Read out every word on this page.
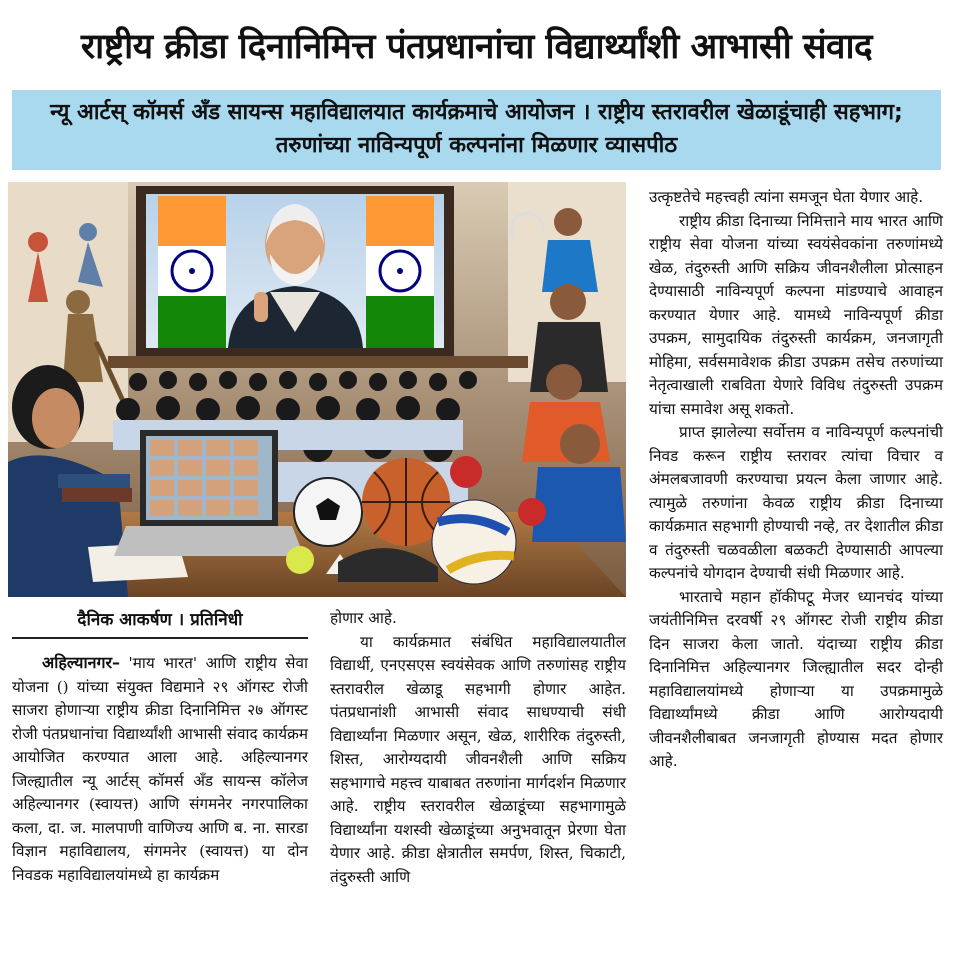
राष्ट्रीय क्रीडा दिनानिमित्त पंतप्रधानांचा विद्यार्थ्यांशी आभासी संवाद
न्यू आर्टस् कॉमर्स अँड सायन्स महाविद्यालयात कार्यक्रमाचे आयोजन । राष्ट्रीय स्तरावरील खेळाडूंचाही सहभाग; तरुणांच्या नाविन्यपूर्ण कल्पनांना मिळणार व्यासपीठ
दैनिक आकर्षण । प्रतिनिधी

अहिल्यानगर– 'माय भारत' आणि राष्ट्रीय सेवा योजना () यांच्या संयुक्त विद्यमाने २९ ऑगस्ट रोजी साजरा होणाऱ्या राष्ट्रीय क्रीडा दिनानिमित्त २७ ऑगस्ट रोजी पंतप्रधानांचा विद्यार्थ्यांशी आभासी संवाद कार्यक्रम आयोजित करण्यात आला आहे. अहिल्यानगर जिल्ह्यातील न्यू आर्टस् कॉमर्स अँड सायन्स कॉलेज अहिल्यानगर (स्वायत्त) आणि संगमनेर नगरपालिका कला, दा. ज. मालपाणी वाणिज्य आणि ब. ना. सारडा विज्ञान महाविद्यालय, संगमनेर (स्वायत्त) या दोन निवडक महाविद्यालयांमध्ये हा कार्यक्रम

होणार आहे.

या कार्यक्रमात संबंधित महाविद्यालयातील विद्यार्थी, एनएसएस स्वयंसेवक आणि तरुणांसह राष्ट्रीय स्तरावरील खेळाडू सहभागी होणार आहेत. पंतप्रधानांशी आभासी संवाद साधण्याची संधी विद्यार्थ्यांना मिळणार असून, खेळ, शारीरिक तंदुरुस्ती, शिस्त, आरोग्यदायी जीवनशैली आणि सक्रिय सहभागाचे महत्त्व याबाबत तरुणांना मार्गदर्शन मिळणार आहे. राष्ट्रीय स्तरावरील खेळाडूंच्या सहभागामुळे विद्यार्थ्यांना यशस्वी खेळाडूंच्या अनुभवातून प्रेरणा घेता येणार आहे. क्रीडा क्षेत्रातील समर्पण, शिस्त, चिकाटी, तंदुरुस्ती आणि

उत्कृष्टतेचे महत्त्वही त्यांना समजून घेता येणार आहे.

राष्ट्रीय क्रीडा दिनाच्या निमित्ताने माय भारत आणि राष्ट्रीय सेवा योजना यांच्या स्वयंसेवकांना तरुणांमध्ये खेळ, तंदुरुस्ती आणि सक्रिय जीवनशैलीला प्रोत्साहन देण्यासाठी नाविन्यपूर्ण कल्पना मांडण्याचे आवाहन करण्यात येणार आहे. यामध्ये नाविन्यपूर्ण क्रीडा उपक्रम, सामुदायिक तंदुरुस्ती कार्यक्रम, जनजागृती मोहिमा, सर्वसमावेशक क्रीडा उपक्रम तसेच तरुणांच्या नेतृत्वाखाली राबविता येणारे विविध तंदुरुस्ती उपक्रम यांचा समावेश असू शकतो.

प्राप्त झालेल्या सर्वोत्तम व नाविन्यपूर्ण कल्पनांची निवड करून राष्ट्रीय स्तरावर त्यांचा विचार व अंमलबजावणी करण्याचा प्रयत्न केला जाणार आहे. त्यामुळे तरुणांना केवळ राष्ट्रीय क्रीडा दिनाच्या कार्यक्रमात सहभागी होण्याची नव्हे, तर देशातील क्रीडा व तंदुरुस्ती चळवळीला बळकटी देण्यासाठी आपल्या कल्पनांचे योगदान देण्याची संधी मिळणार आहे.

भारताचे महान हॉकीपटू मेजर ध्यानचंद यांच्या जयंतीनिमित्त दरवर्षी २९ ऑगस्ट रोजी राष्ट्रीय क्रीडा दिन साजरा केला जातो. यंदाच्या राष्ट्रीय क्रीडा दिनानिमित्त अहिल्यानगर जिल्ह्यातील सदर दोन्ही महाविद्यालयांमध्ये होणाऱ्या या उपक्रमामुळे विद्यार्थ्यांमध्ये क्रीडा आणि आरोग्यदायी जीवनशैलीबाबत जनजागृती होण्यास मदत होणार आहे.
